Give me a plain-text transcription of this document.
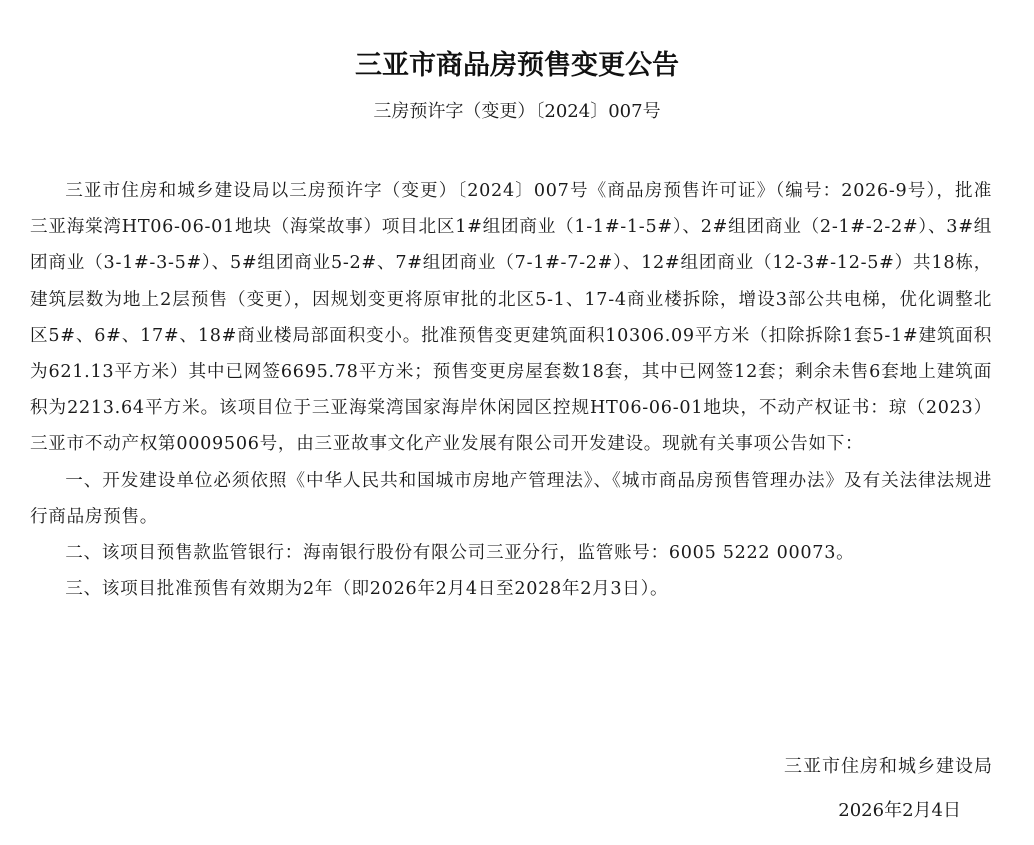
三亚市商品房预售变更公告
三房预许字（变更）〔2024〕007号

三亚市住房和城乡建设局以三房预许字（变更）〔2024〕007号《商品房预售许可证》（编号：2026-9号），批准三亚海棠湾HT06-06-01地块（海棠故事）项目北区1#组团商业（1-1#-1-5#）、2#组团商业（2-1#-2-2#）、3#组团商业（3-1#-3-5#）、5#组团商业5-2#、7#组团商业（7-1#-7-2#）、12#组团商业（12-3#-12-5#）共18栋，建筑层数为地上2层预售（变更），因规划变更将原审批的北区5-1、17-4商业楼拆除，增设3部公共电梯，优化调整北区5#、6#、17#、18#商业楼局部面积变小。批准预售变更建筑面积10306.09平方米（扣除拆除1套5-1#建筑面积为621.13平方米）其中已网签6695.78平方米；预售变更房屋套数18套，其中已网签12套；剩余未售6套地上建筑面积为2213.64平方米。该项目位于三亚海棠湾国家海岸休闲园区控规HT06-06-01地块，不动产权证书：琼（2023）三亚市不动产权第0009506号，由三亚故事文化产业发展有限公司开发建设。现就有关事项公告如下：

一、开发建设单位必须依照《中华人民共和国城市房地产管理法》、《城市商品房预售管理办法》及有关法律法规进行商品房预售。

二、该项目预售款监管银行：海南银行股份有限公司三亚分行，监管账号：6005 5222 00073。

三、该项目批准预售有效期为2年（即2026年2月4日至2028年2月3日）。

三亚市住房和城乡建设局
2026年2月4日
